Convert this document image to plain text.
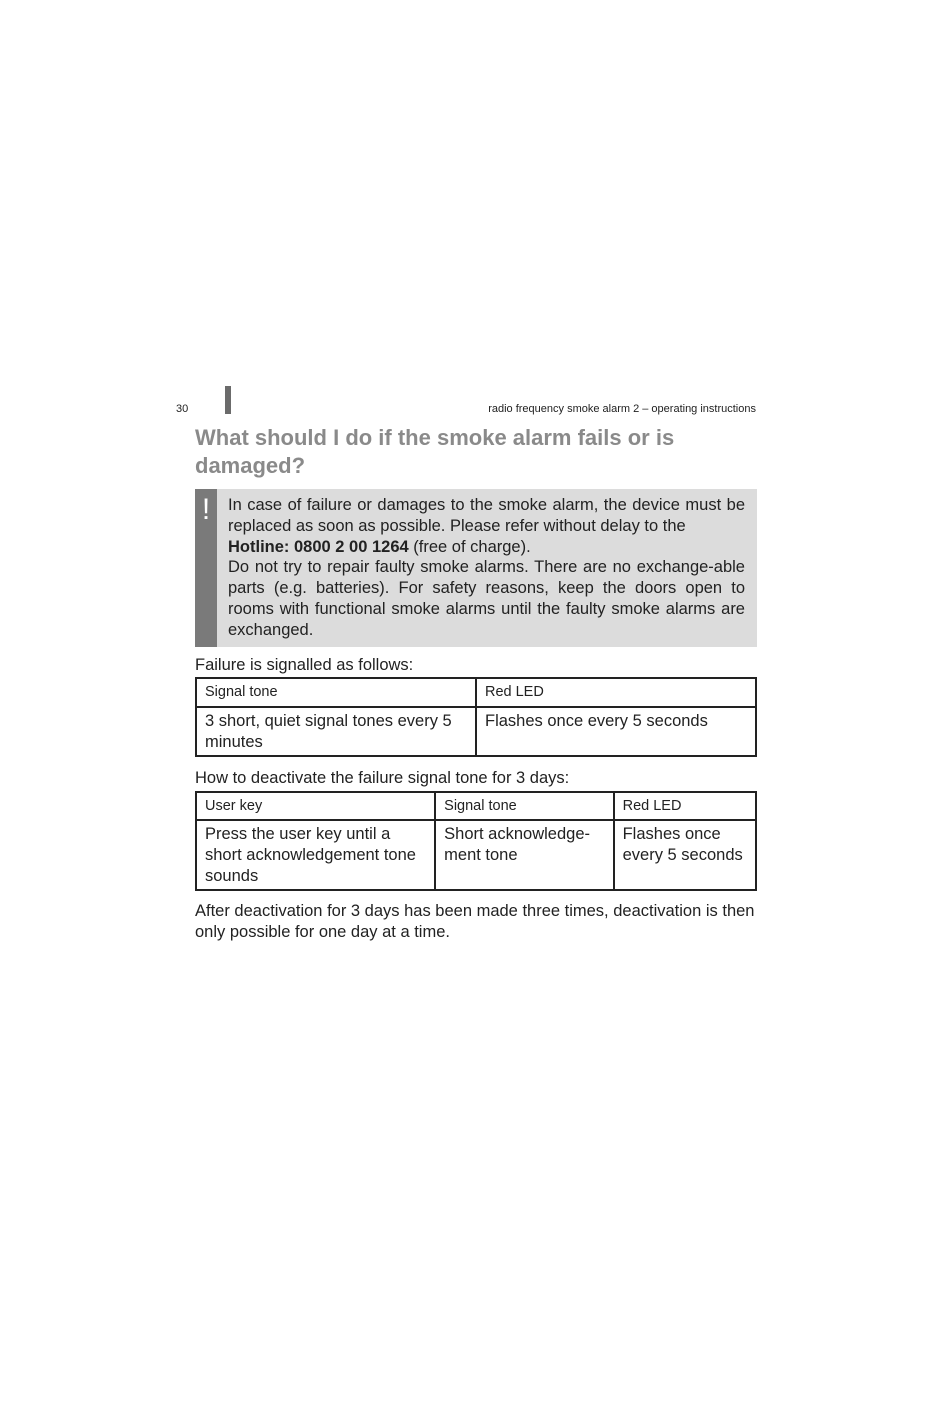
30	radio frequency smoke alarm 2 – operating instructions
What should I do if the smoke alarm fails or is
damaged?
!	In case of failure or damages to the smoke alarm, the device must be replaced as soon as possible. Please refer without delay to the
Hotline: 0800 2 00 1264 (free of charge).
Do not try to repair faulty smoke alarms. There are no exchange-able parts (e.g. batteries). For safety reasons, keep the doors open to rooms with functional smoke alarms until the faulty smoke alarms are exchanged.

Failure is signalled as follows:

Signal tone	Red LED
3 short, quiet signal tones every 5 minutes	Flashes once every 5 seconds

How to deactivate the failure signal tone for 3 days:

User key	Signal tone	Red LED
Press the user key until a short acknowledgement tone sounds	Short acknowledge-ment tone	Flashes once every 5 seconds

After deactivation for 3 days has been made three times, deactivation is then only possible for one day at a time.
